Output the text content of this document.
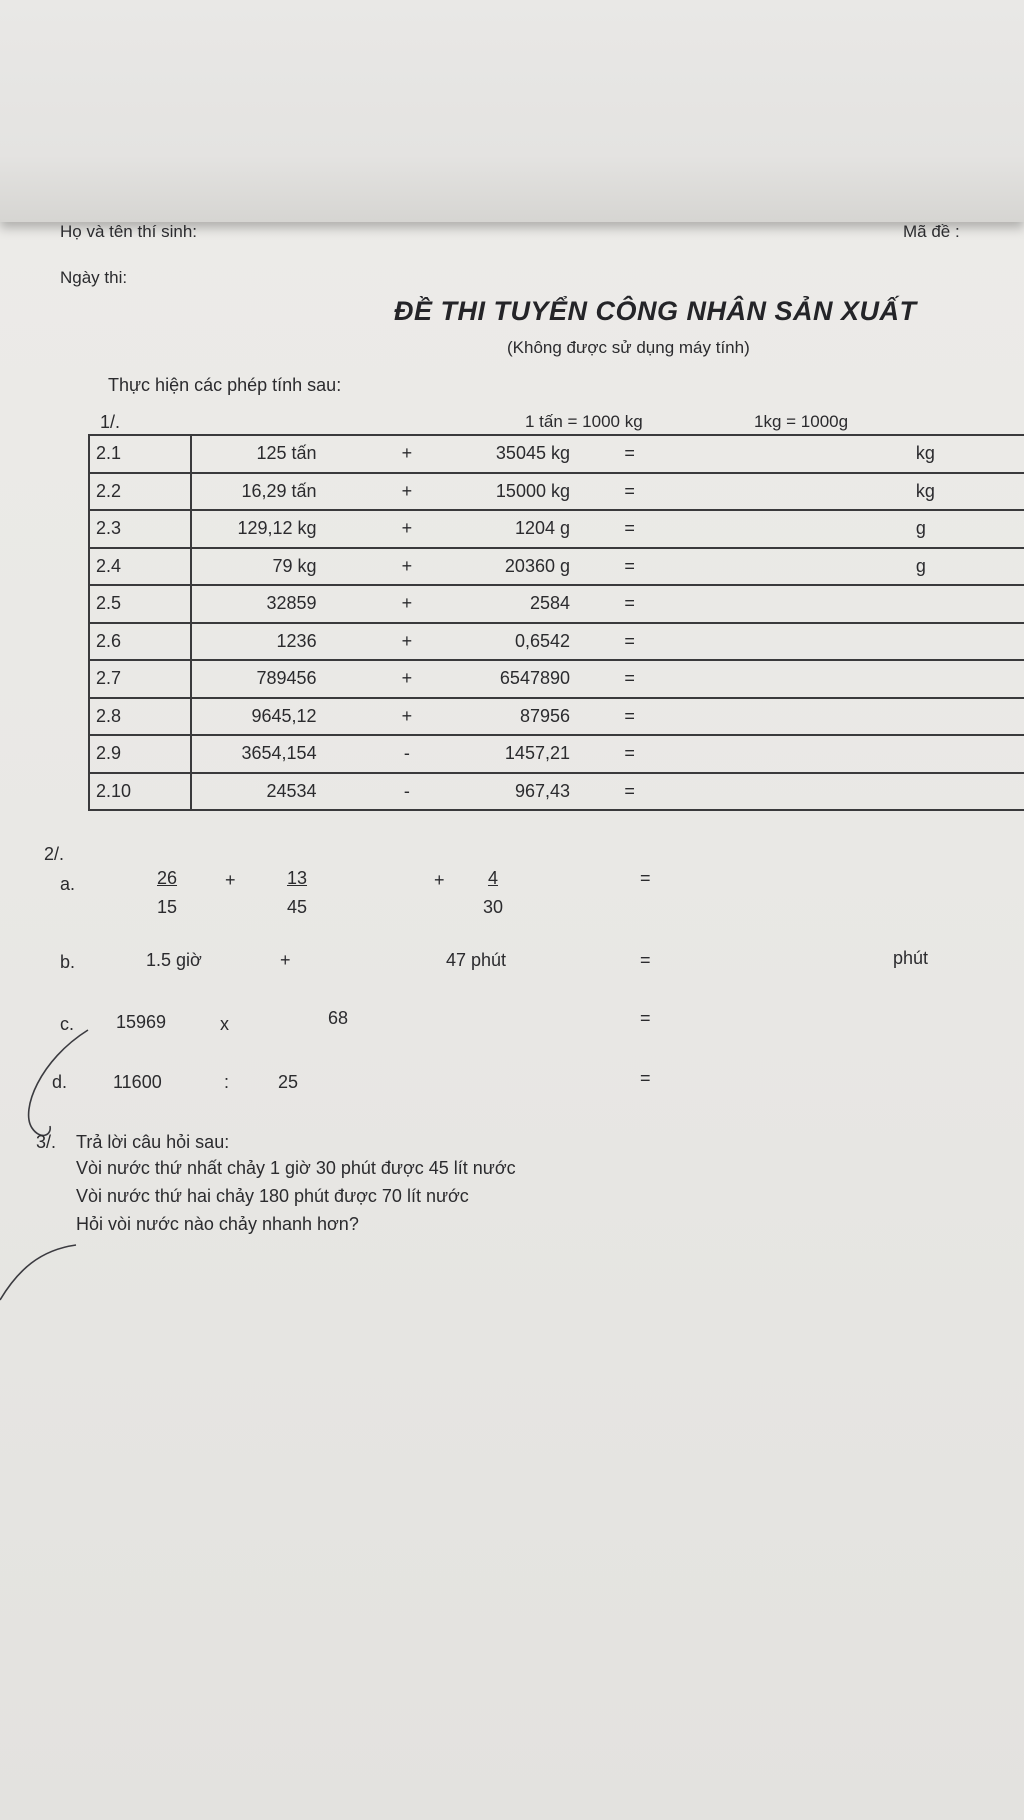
Họ và tên thí sinh:	Mã đề :
Ngày thi:
ĐỀ THI TUYỂN CÔNG NHÂN SẢN XUẤT
(Không được sử dụng máy tính)
Thực hiện các phép tính sau:
1/.	1 tấn = 1000 kg	1kg = 1000g
2.1	125 tấn	+	35045 kg	=		kg
2.2	16,29 tấn	+	15000 kg	=		kg
2.3	129,12 kg	+	1204 g	=		g
2.4	79 kg	+	20360 g	=		g
2.5	32859	+	2584	=		
2.6	1236	+	0,6542	=		
2.7	789456	+	6547890	=		
2.8	9645,12	+	87956	=		
2.9	3654,154	-	1457,21	=		
2.10	24534	-	967,43	=		
2/.
a.	$\frac{26}{15} + \frac{13}{45}$	+ $\frac{4}{30}$	=
b.	1.5 giờ	+	47 phút	=	phút
c. 15969	x	68	=
d.	11600	:	25	=
3/. Trả lời câu hỏi sau:
Vòi nước thứ nhất chảy 1 giờ 30 phút được 45 lít nước
Vòi nước thứ hai chảy 180 phút được 70 lít nước
Hỏi vòi nước nào chảy nhanh hơn?
